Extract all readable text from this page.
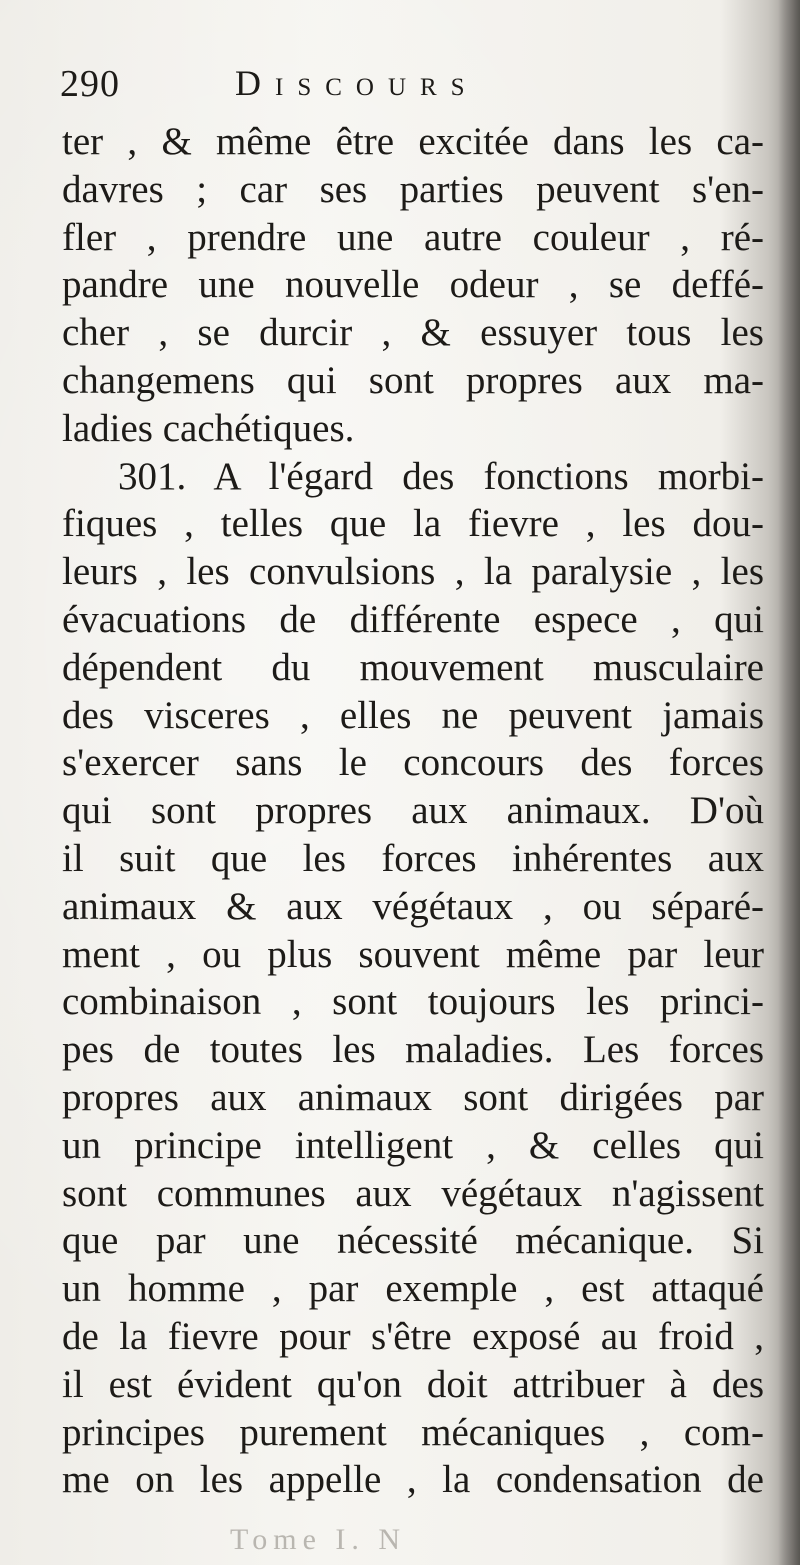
290	Discours
ter , & même être excitée dans les ca-
davres ; car ses parties peuvent s'en-
fler , prendre une autre couleur , ré-
pandre une nouvelle odeur , se deffé-
cher , se durcir , & essuyer tous les
changemens qui sont propres aux ma-
ladies cachétiques.
301. A l'égard des fonctions morbi-
fiques , telles que la fievre , les dou-
leurs , les convulsions , la paralysie , les
évacuations de différente espece , qui
dépendent du mouvement musculaire
des visceres , elles ne peuvent jamais
s'exercer sans le concours des forces
qui sont propres aux animaux. D'où
il suit que les forces inhérentes aux
animaux & aux végétaux , ou séparé-
ment , ou plus souvent même par leur
combinaison , sont toujours les princi-
pes de toutes les maladies. Les forces
propres aux animaux sont dirigées par
un principe intelligent , & celles qui
sont communes aux végétaux n'agissent
que par une nécessité mécanique. Si
un homme , par exemple , est attaqué
de la fievre pour s'être exposé au froid ,
il est évident qu'on doit attribuer à des
principes purement mécaniques , com-
me on les appelle , la condensation de
Tome I. N
